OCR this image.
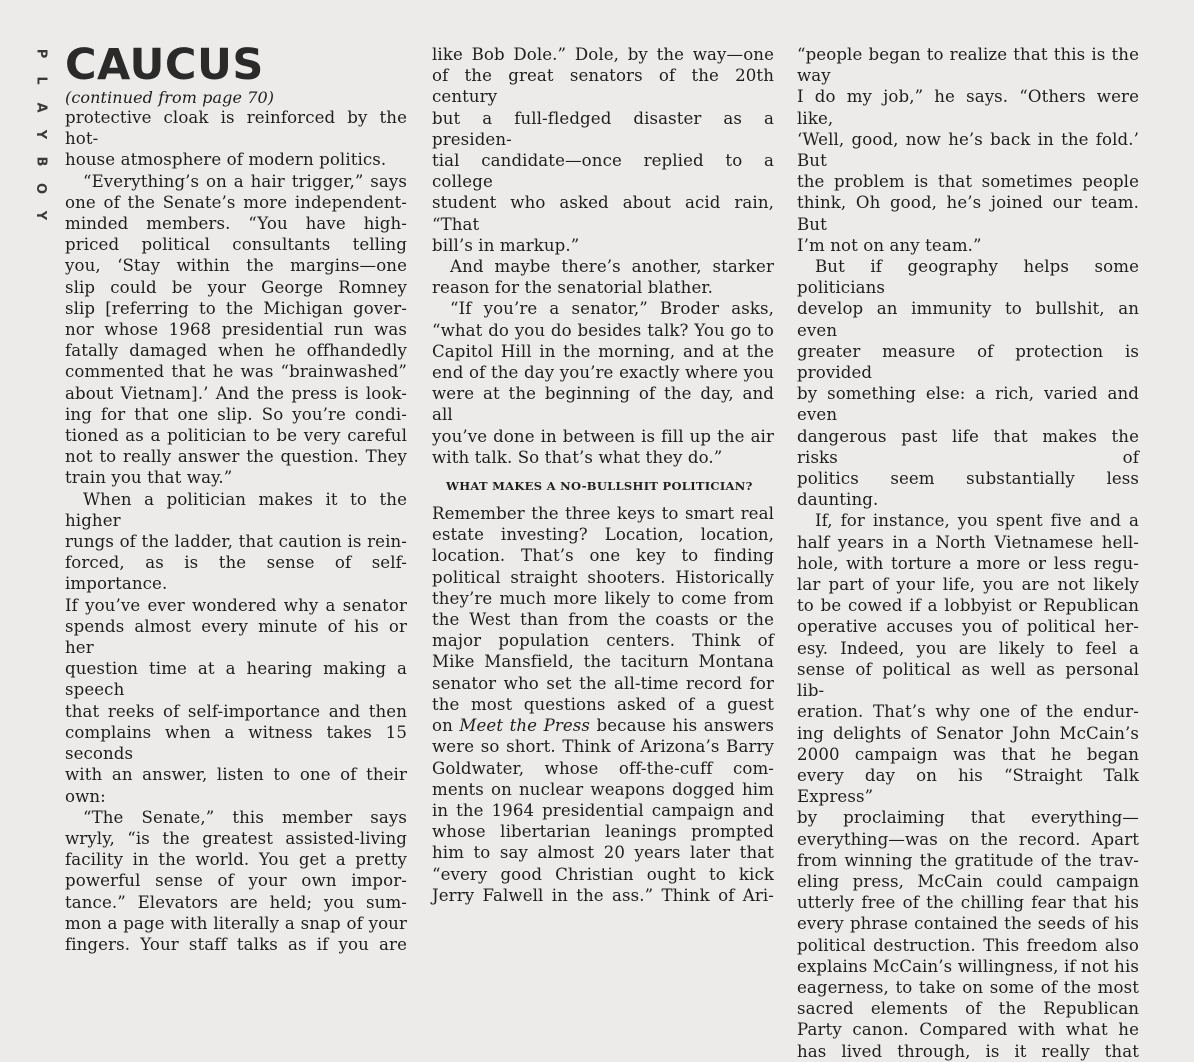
P
L
A
Y
B
O
Y
CAUCUS

(continued from page 70)

protective cloak is reinforced by the hot-

house atmosphere of modern politics.

“Everything’s on a hair trigger,” says

one of the Senate’s more independent-

minded members. “You have high-

priced political consultants telling

you, ‘Stay within the margins—one

slip could be your George Romney

slip [referring to the Michigan gover-

nor whose 1968 presidential run was

fatally damaged when he offhandedly

commented that he was “brainwashed”

about Vietnam].’ And the press is look-

ing for that one slip. So you’re condi-

tioned as a politician to be very careful

not to really answer the question. They

train you that way.”

When a politician makes it to the higher

rungs of the ladder, that caution is rein-

forced, as is the sense of self-importance.

If you’ve ever wondered why a senator

spends almost every minute of his or her

question time at a hearing making a speech

that reeks of self-importance and then

complains when a witness takes 15 seconds

with an answer, listen to one of their own:

“The Senate,” this member says

wryly, “is the greatest assisted-living

facility in the world. You get a pretty

powerful sense of your own impor-

tance.” Elevators are held; you sum-

mon a page with literally a snap of your

fingers. Your staff talks as if you are

like Bob Dole.” Dole, by the way—one

of the great senators of the 20th century

but a full-fledged disaster as a presiden-

tial candidate—once replied to a college

student who asked about acid rain, “That

bill’s in markup.”

And maybe there’s another, starker

reason for the senatorial blather.

“If you’re a senator,” Broder asks,

“what do you do besides talk? You go to

Capitol Hill in the morning, and at the

end of the day you’re exactly where you

were at the beginning of the day, and all

you’ve done in between is fill up the air

with talk. So that’s what they do.”

WHAT MAKES A NO-BULLSHIT POLITICIAN?

Remember the three keys to smart real

estate investing? Location, location,

location. That’s one key to finding

political straight shooters. Historically

they’re much more likely to come from

the West than from the coasts or the

major population centers. Think of

Mike Mansfield, the taciturn Montana

senator who set the all-time record for

the most questions asked of a guest

on Meet the Press because his answers

were so short. Think of Arizona’s Barry

Goldwater, whose off-the-cuff com-

ments on nuclear weapons dogged him

in the 1964 presidential campaign and

whose libertarian leanings prompted

him to say almost 20 years later that

“every good Christian ought to kick

Jerry Falwell in the ass.” Think of Ari-

“people began to realize that this is the way

I do my job,” he says. “Others were like,

‘Well, good, now he’s back in the fold.’ But

the problem is that sometimes people

think, Oh good, he’s joined our team. But

I’m not on any team.”

But if geography helps some politicians

develop an immunity to bullshit, an even

greater measure of protection is provided

by something else: a rich, varied and even

dangerous past life that makes the risks of

politics seem substantially less daunting.

If, for instance, you spent five and a

half years in a North Vietnamese hell-

hole, with torture a more or less regu-

lar part of your life, you are not likely

to be cowed if a lobbyist or Republican

operative accuses you of political her-

esy. Indeed, you are likely to feel a

sense of political as well as personal lib-

eration. That’s why one of the endur-

ing delights of Senator John McCain’s

2000 campaign was that he began

every day on his “Straight Talk Express”

by proclaiming that everything—

everything—was on the record. Apart

from winning the gratitude of the trav-

eling press, McCain could campaign

utterly free of the chilling fear that his

every phrase contained the seeds of his

political destruction. This freedom also

explains McCain’s willingness, if not his

eagerness, to take on some of the most

sacred elements of the Republican

Party canon. Compared with what he

has lived through, is it really that
